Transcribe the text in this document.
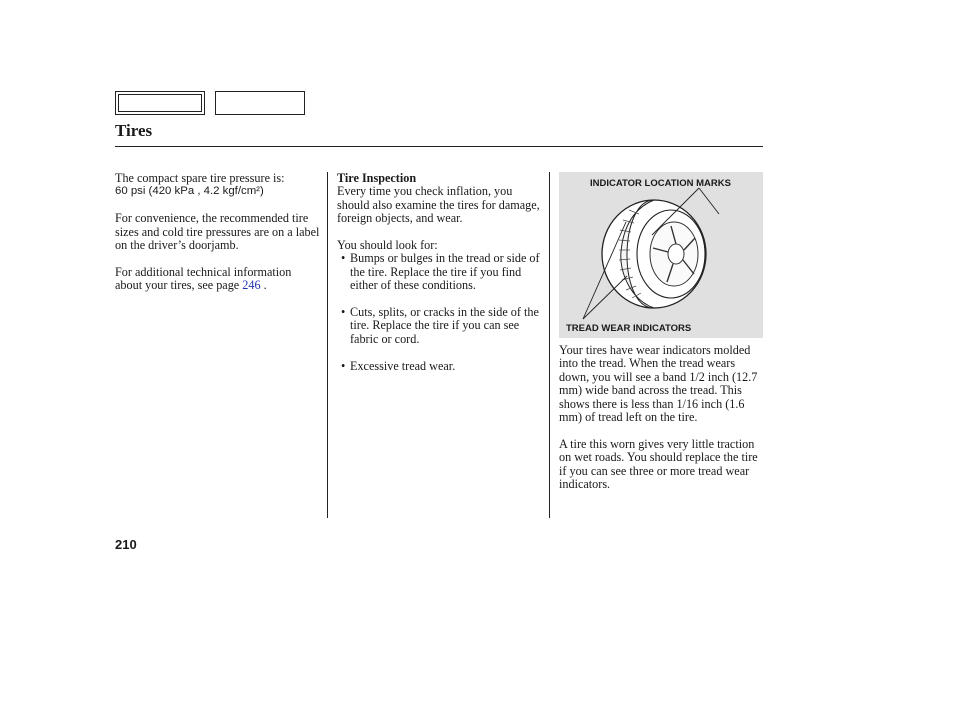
Tires

The compact spare tire pressure is:

60 psi (420 kPa , 4.2 kgf/cm²)

For convenience, the recommended tire sizes and cold tire pressures are on a label on the driver’s doorjamb.

For additional technical information about your tires, see page 246 .

Tire Inspection

Every time you check inflation, you should also examine the tires for damage, foreign objects, and wear.

You should look for:

• Bumps or bulges in the tread or side of the tire. Replace the tire if you find either of these conditions.
• Cuts, splits, or cracks in the side of the tire. Replace the tire if you can see fabric or cord.
• Excessive tread wear.
INDICATOR LOCATION MARKS
TREAD WEAR INDICATORS

Your tires have wear indicators molded into the tread. When the tread wears down, you will see a band 1/2 inch (12.7 mm) wide band across the tread. This shows there is less than 1/16 inch (1.6 mm) of tread left on the tire.

A tire this worn gives very little traction on wet roads. You should replace the tire if you can see three or more tread wear indicators.

210
